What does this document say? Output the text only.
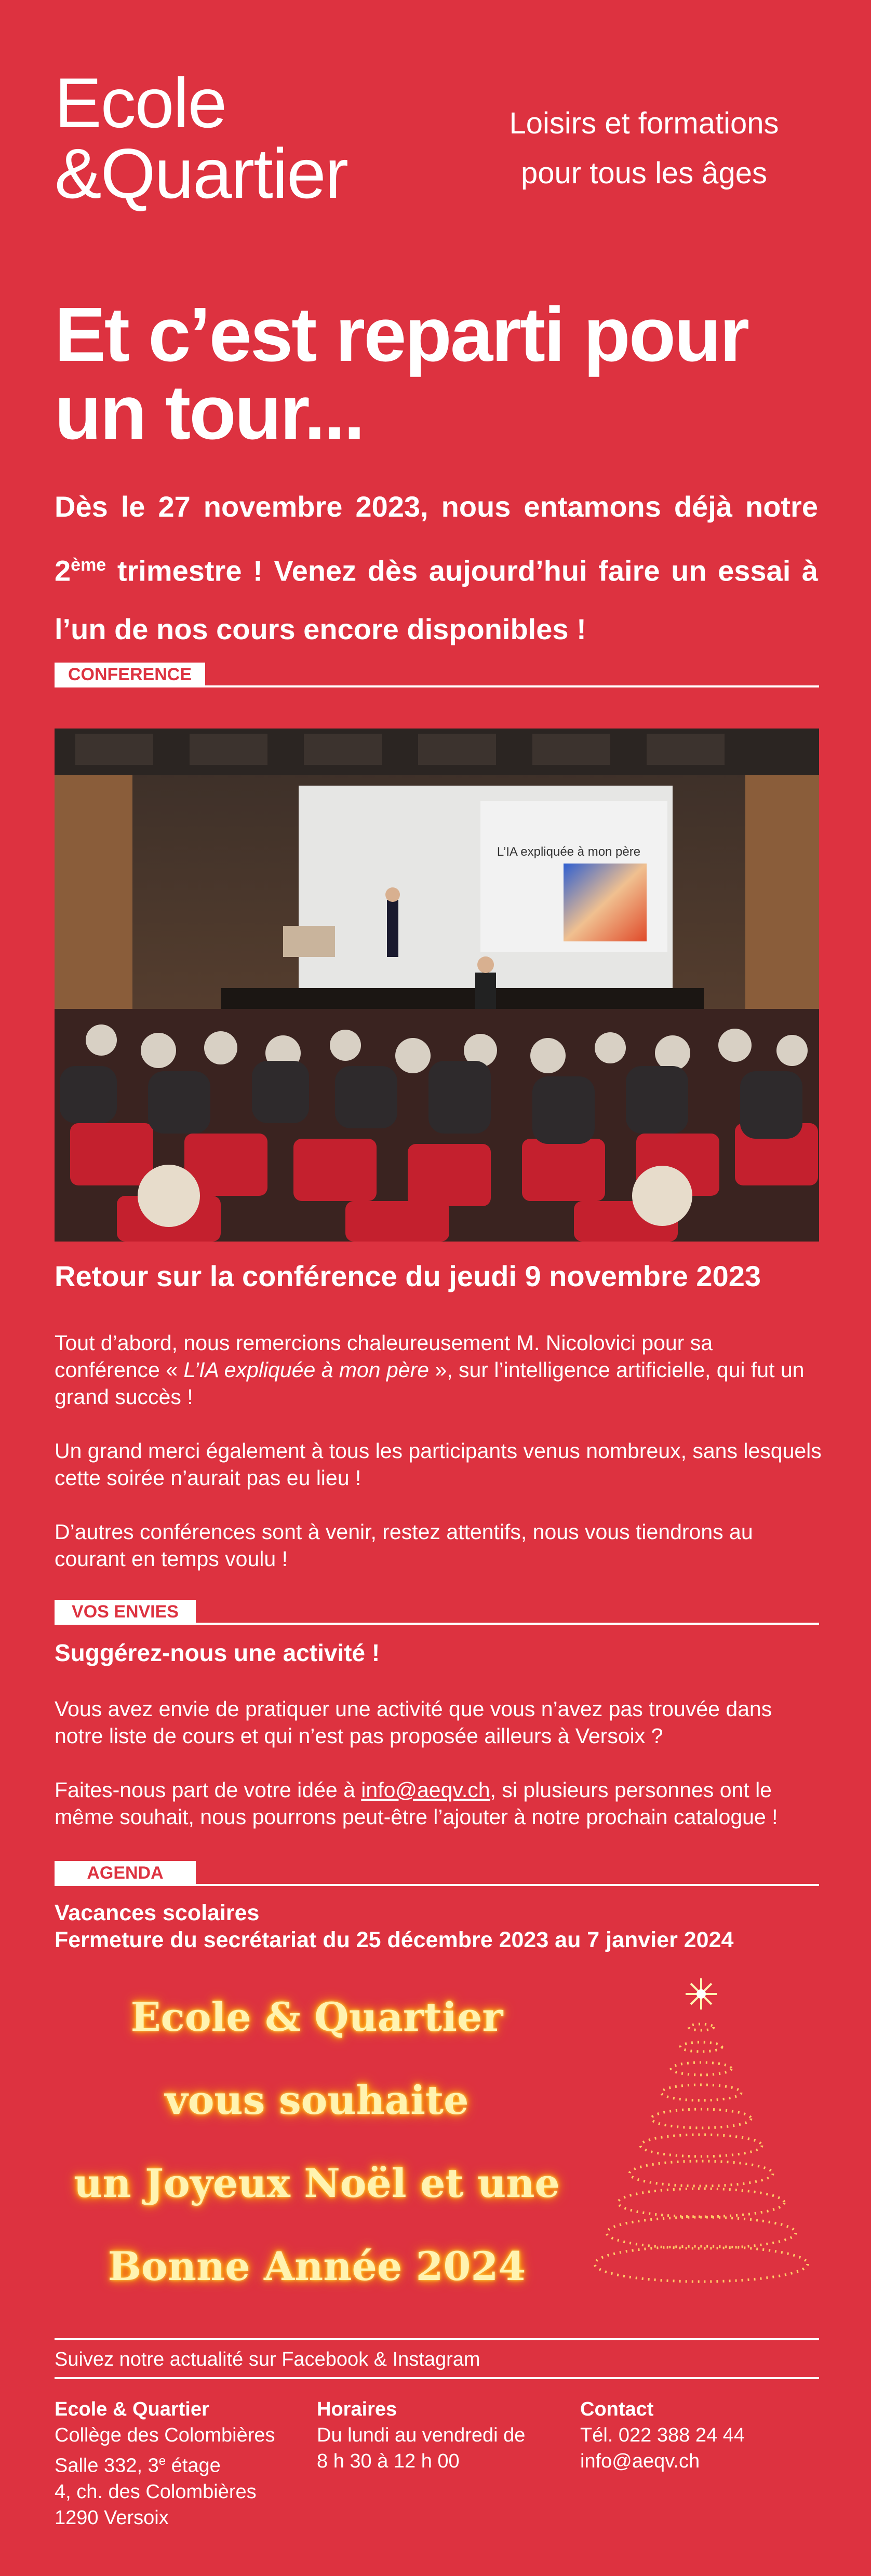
Ecole
&Quartier
Loisirs et formations
pour tous les âges
Et c’est reparti pour
un tour...
Dès le 27 novembre 2023, nous entamons déjà notre 2ème trimestre ! Venez dès aujourd’hui faire un essai à l’un de nos cours encore disponibles !
CONFERENCE
L’IA expliquée à mon père
Retour sur la conférence du jeudi 9 novembre 2023

Tout d’abord, nous remercions chaleureusement M. Nicolovici pour sa conférence « L’IA expliquée à mon père », sur l’intelligence artificielle, qui fut un grand succès !

Un grand merci également à tous les participants venus nombreux, sans lesquels cette soirée n’aurait pas eu lieu !

D’autres conférences sont à venir, restez attentifs, nous vous tiendrons au courant en temps voulu !

VOS ENVIES
Suggérez-nous une activité !

Vous avez envie de pratiquer une activité que vous n’avez pas trouvée dans notre liste de cours et qui n’est pas proposée ailleurs à Versoix ?

Faites-nous part de votre idée à info@aeqv.ch, si plusieurs personnes ont le même souhait, nous pourrons peut-être l’ajouter à notre prochain catalogue !

AGENDA
Vacances scolaires
Fermeture du secrétariat du 25 décembre 2023 au 7 janvier 2024
Ecole & Quartier
vous souhaite
un Joyeux Noël et une
Bonne Année 2024
Suivez notre actualité sur Facebook & Instagram
Ecole & Quartier
Collège des Colombières
Salle 332, 3e étage
4, ch. des Colombières
1290 Versoix
Horaires
Du lundi au vendredi de
8 h 30 à 12 h 00
Contact
Tél. 022 388 24 44
info@aeqv.ch
